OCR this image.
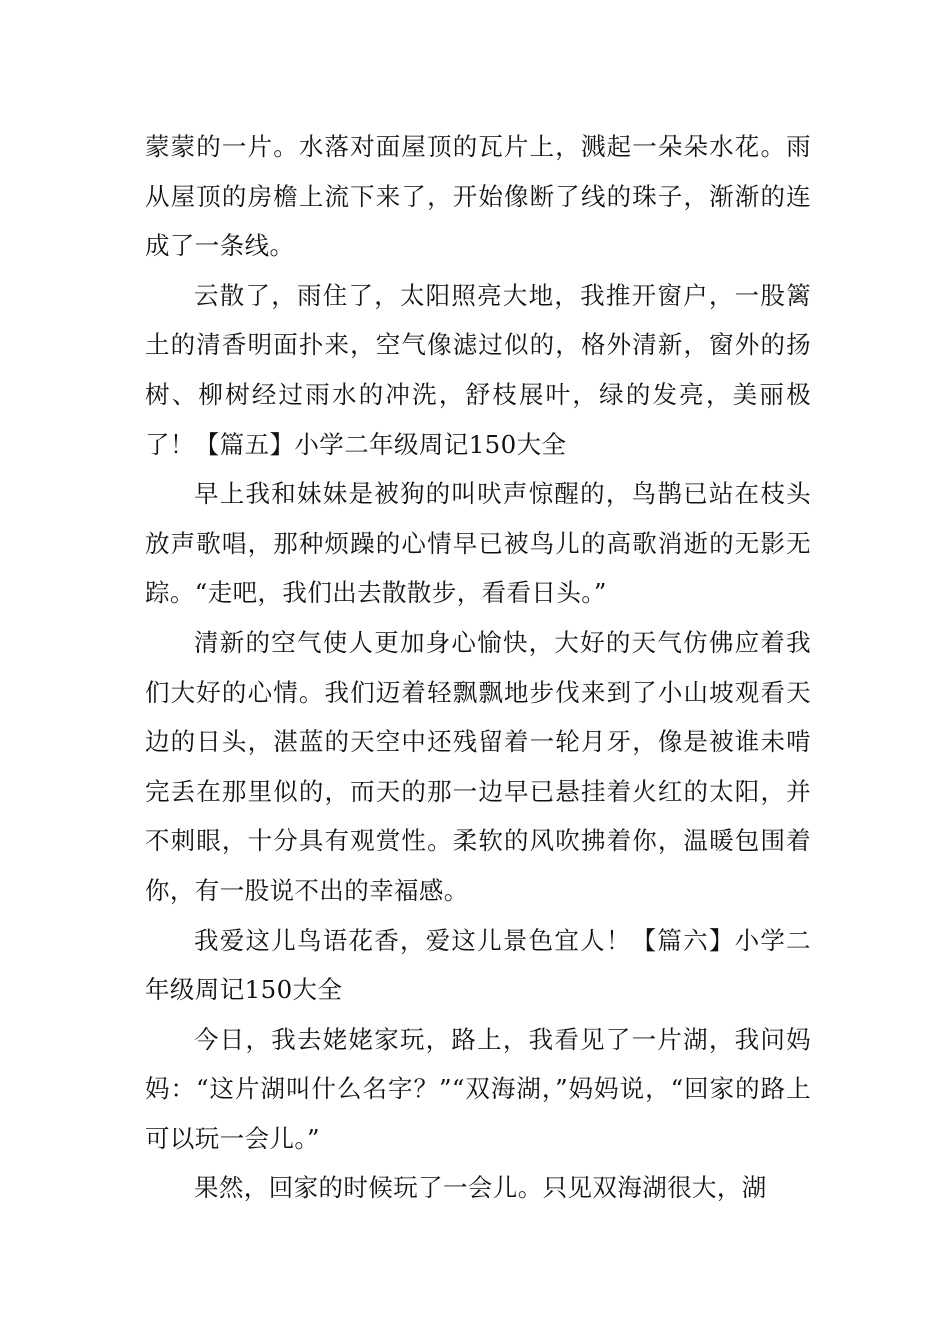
蒙蒙的一片。水落对面屋顶的瓦片上，溅起一朵朵水花。雨从屋顶的房檐上流下来了，开始像断了线的珠子，渐渐的连成了一条线。

云散了，雨住了，太阳照亮大地，我推开窗户，一股篱土的清香明面扑来，空气像滤过似的，格外清新，窗外的扬树、柳树经过雨水的冲洗，舒枝展叶，绿的发亮，美丽极了！【篇五】小学二年级周记150大全

早上我和妹妹是被狗的叫吠声惊醒的，鸟鹊已站在枝头放声歌唱，那种烦躁的心情早已被鸟儿的高歌消逝的无影无踪。“走吧，我们出去散散步，看看日头。”

清新的空气使人更加身心愉快，大好的天气仿佛应着我们大好的心情。我们迈着轻飘飘地步伐来到了小山坡观看天边的日头，湛蓝的天空中还残留着一轮月牙，像是被谁未啃完丢在那里似的，而天的那一边早已悬挂着火红的太阳，并不刺眼，十分具有观赏性。柔软的风吹拂着你，温暖包围着你，有一股说不出的幸福感。

我爱这儿鸟语花香，爱这儿景色宜人！【篇六】小学二年级周记150大全

今日，我去姥姥家玩，路上，我看见了一片湖，我问妈妈：“这片湖叫什么名字？”“双海湖，”妈妈说，“回家的路上可以玩一会儿。”

果然，回家的时候玩了一会儿。只见双海湖很大，湖
